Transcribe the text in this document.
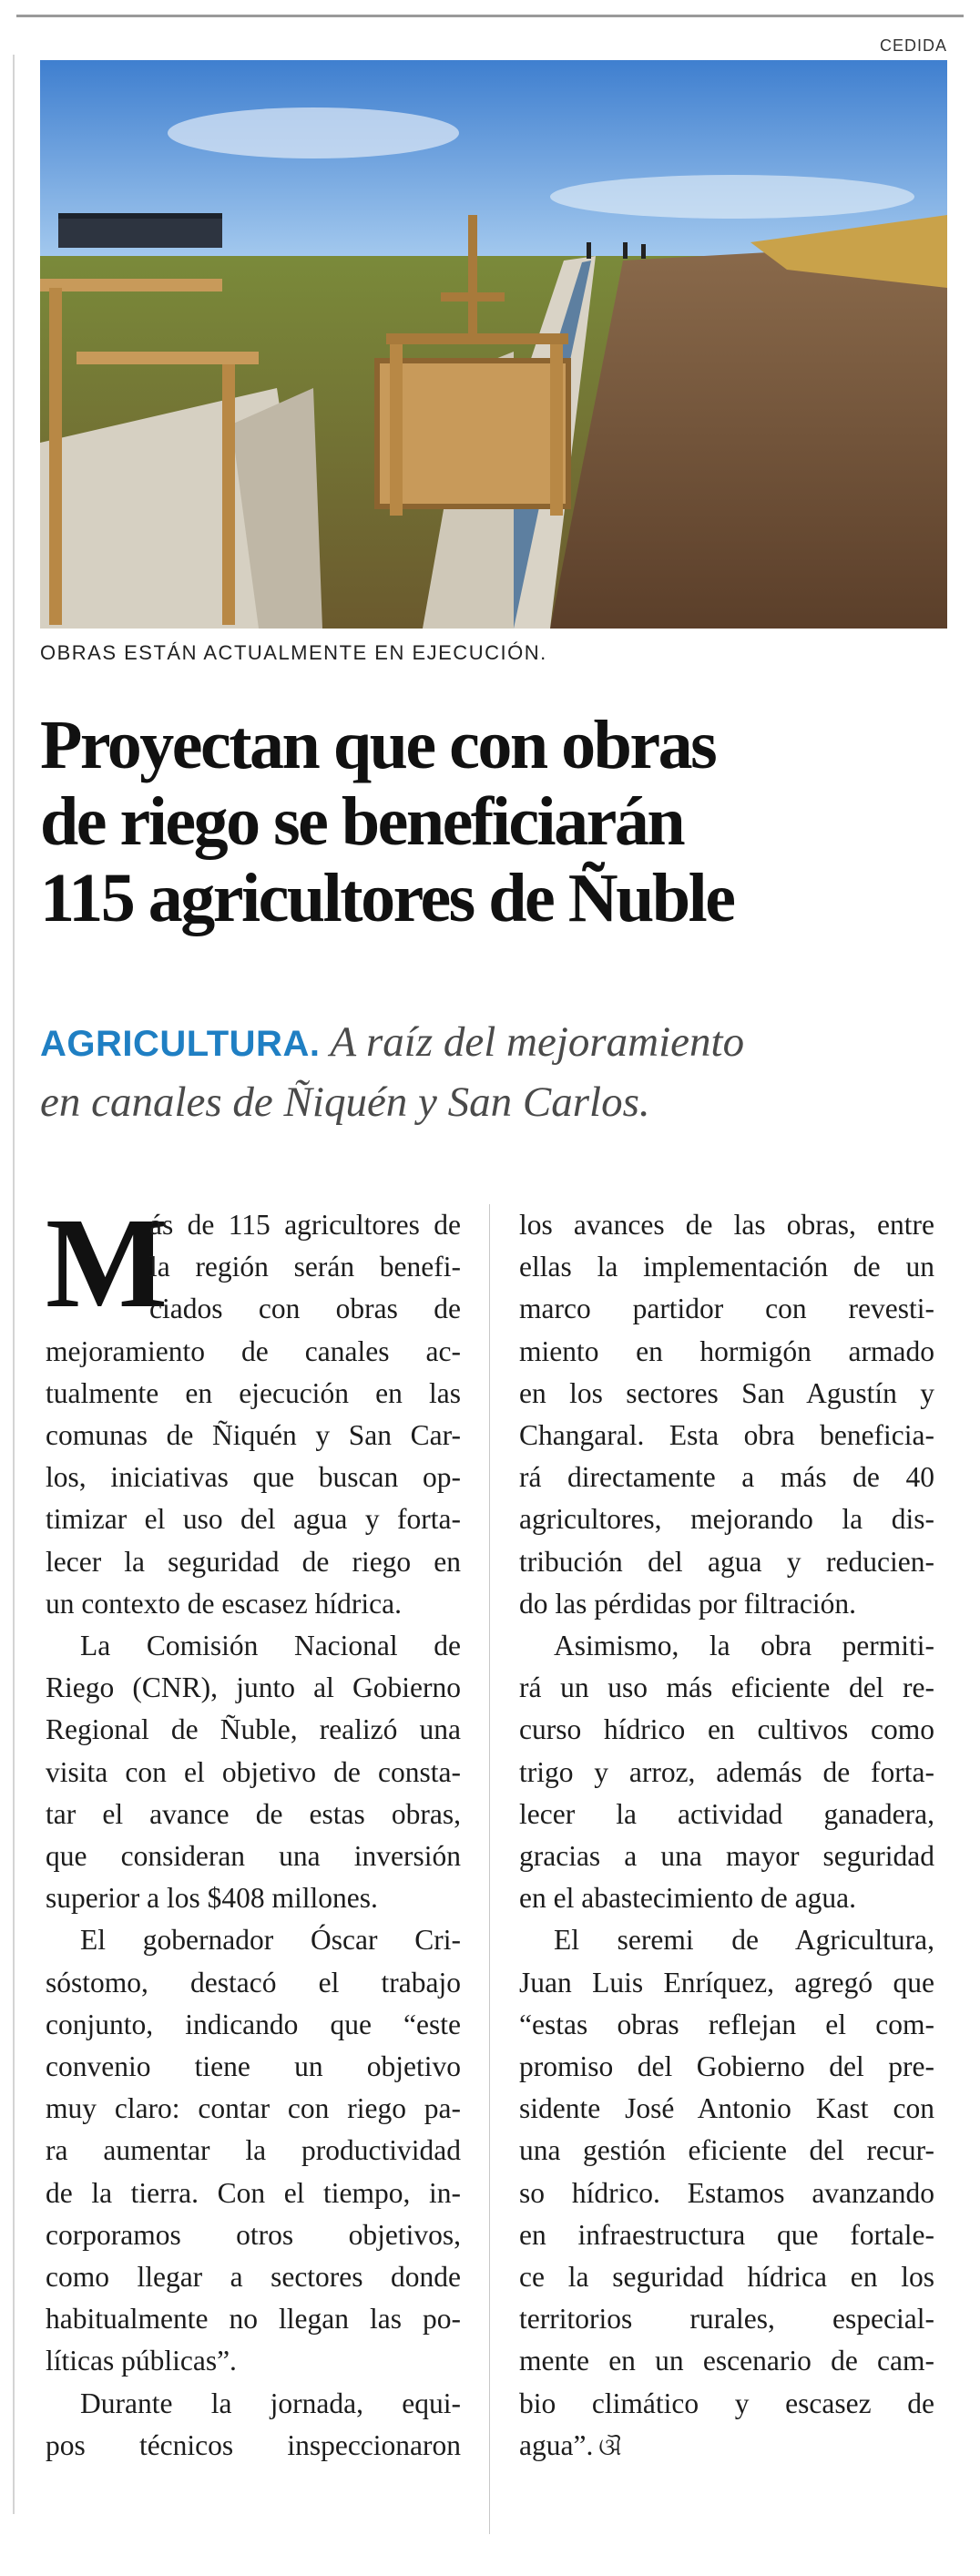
CEDIDA
OBRAS ESTÁN ACTUALMENTE EN EJECUCIÓN.
Proyectan que con obras
de riego se beneficiarán
115 agricultores de Ñuble

AGRICULTURA. A raíz del mejoramiento
en canales de Ñiquén y San Carlos.

M
ás de 115 agricultores de
la región serán benefi-
ciados con obras de
mejoramiento de canales ac-
tualmente en ejecución en las
comunas de Ñiquén y San Car-
los, iniciativas que buscan op-
timizar el uso del agua y forta-
lecer la seguridad de riego en
un contexto de escasez hídrica.
La Comisión Nacional de
Riego (CNR), junto al Gobierno
Regional de Ñuble, realizó una
visita con el objetivo de consta-
tar el avance de estas obras,
que consideran una inversión
superior a los $408 millones.
El gobernador Óscar Cri-
sóstomo, destacó el trabajo
conjunto, indicando que “este
convenio tiene un objetivo
muy claro: contar con riego pa-
ra aumentar la productividad
de la tierra. Con el tiempo, in-
corporamos otros objetivos,
como llegar a sectores donde
habitualmente no llegan las po-
líticas públicas”.
Durante la jornada, equi-
pos técnicos inspeccionaron
los avances de las obras, entre
ellas la implementación de un
marco partidor con revesti-
miento en hormigón armado
en los sectores San Agustín y
Changaral. Esta obra beneficia-
rá directamente a más de 40
agricultores, mejorando la dis-
tribución del agua y reducien-
do las pérdidas por filtración.
Asimismo, la obra permiti-
rá un uso más eficiente del re-
curso hídrico en cultivos como
trigo y arroz, además de forta-
lecer la actividad ganadera,
gracias a una mayor seguridad
en el abastecimiento de agua.
El seremi de Agricultura,
Juan Luis Enríquez, agregó que
“estas obras reflejan el com-
promiso del Gobierno del pre-
sidente José Antonio Kast con
una gestión eficiente del recur-
so hídrico. Estamos avanzando
en infraestructura que fortale-
ce la seguridad hídrica en los
territorios rurales, especial-
mente en un escenario de cam-
bio climático y escasez de
agua”. ଔ
